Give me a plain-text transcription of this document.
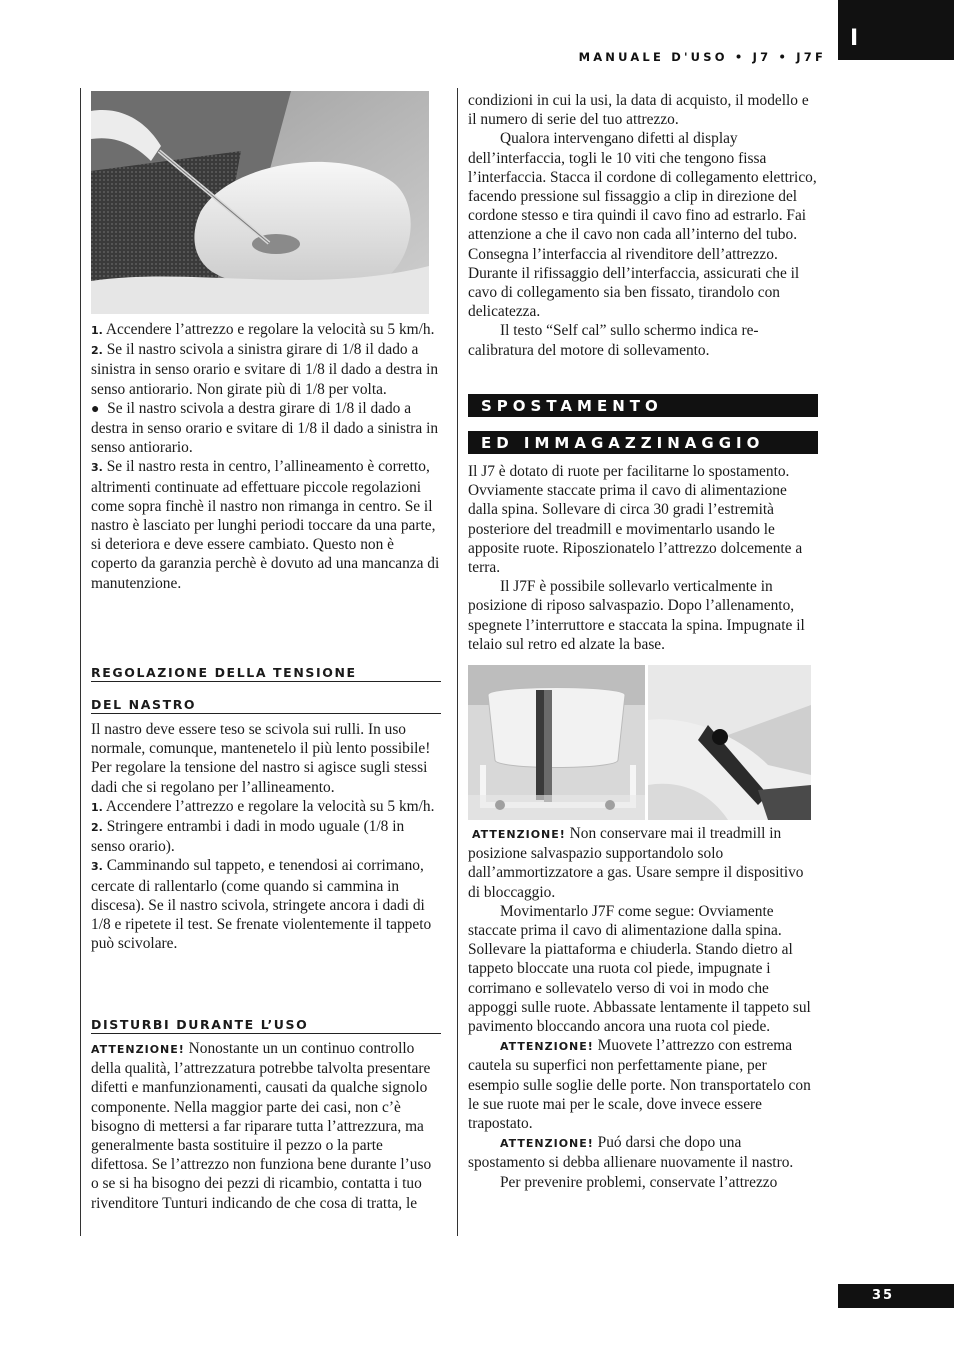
MANUALE D'USO • J7 • J7F
I

1. Accendere l’attrezzo e regolare la velocità su 5 km/h.

2. Se il nastro scivola a sinistra girare di 1/8 il dado a sinistra in senso orario e svitare di 1/8 il dado a destra in senso antiorario. Non girate più di 1/8 per volta.

● Se il nastro scivola a destra girare di 1/8 il dado a destra in senso orario e svitare di 1/8 il dado a sinistra in senso antiorario.

3. Se il nastro resta in centro, l’allineamento è corretto, altrimenti continuate ad effettuare piccole regolazioni come sopra finchè il nastro non rimanga in centro. Se il nastro è lasciato per lunghi periodi toccare da una parte, si deteriora e deve essere cambiato. Questo non è coperto da garanzia perchè è dovuto ad una mancanza di manutenzione.

REGOLAZIONE DELLA TENSIONE
DEL NASTRO

Il nastro deve essere teso se scivola sui rulli. In uso normale, comunque, mantenetelo il più lento possibile! Per regolare la tensione del nastro si agisce sugli stessi dadi che si regolano per l’allineamento.

1. Accendere l’attrezzo e regolare la velocità su 5 km/h.

2. Stringere entrambi i dadi in modo uguale (1/8 in senso orario).

3. Camminando sul tappeto, e tenendosi ai corrimano, cercate di rallentarlo (come quando si cammina in discesa). Se il nastro scivola, stringete ancora i dadi di 1/8 e ripetete il test. Se frenate violentemente il tappeto può scivolare.

DISTURBI DURANTE L’USO

ATTENZIONE! Nonostante un un continuo controllo della qualità, l’attrezzatura potrebbe talvolta presentare difetti e manfunzionamenti, causati da qualche signolo componente. Nella maggior parte dei casi, non c’è bisogno di mettersi a far riparare tutta l’attrezzura, ma generalmente basta sostituire il pezzo o la parte difettosa. Se l’attrezzo non funziona bene durante l’uso o se si ha bisogno dei pezzi di ricambio, contatta i tuo rivenditore Tunturi indicando de che cosa di tratta, le

condizioni in cui la usi, la data di acquisto, il modello e il numero di serie del tuo attrezzo.

Qualora intervengano difetti al display dell’interfaccia, togli le 10 viti che tengono fissa l’interfaccia. Stacca il cordone di collegamento elettrico, facendo pressione sul fissaggio a clip in direzione del cordone stesso e tira quindi il cavo fino ad estrarlo. Fai attenzione a che il cavo non cada all’interno del tubo. Consegna l’interfaccia al rivenditore dell’attrezzo. Durante il rifissaggio dell’interfaccia, assicurati che il cavo di collegamento sia ben fissato, tirandolo con delicatezza.

Il testo “Self cal” sullo schermo indica re-calibratura del motore di sollevamento.

SPOSTAMENTO
ED IMMAGAZZINAGGIO

Il J7 è dotato di ruote per facilitarne lo spostamento. Ovviamente staccate prima il cavo di alimentazione dalla spina. Sollevare di circa 30 gradi l’estremità posteriore del treadmill e movimentarlo usando le apposite ruote. Riposzionatelo l’attrezzo dolcemente a terra.

Il J7F è possibile sollevarlo verticalmente in posizione di riposo salvaspazio. Dopo l’allenamento, spegnete l’interruttore e staccata la spina. Impugnate il telaio sul retro ed alzate la base.

ATTENZIONE! Non conservare mai il treadmill in posizione salvaspazio supportandolo solo dall’ammortizzatore a gas. Usare sempre il dispositivo di bloccaggio.

Movimentarlo J7F come segue: Ovviamente staccate prima il cavo di alimentazione dalla spina. Sollevare la piattaforma e chiuderla. Stando dietro al tappeto bloccate una ruota col piede, impugnate i corrimano e sollevatelo verso di voi in modo che appoggi sulle ruote. Abbassate lentamente il tappeto sul pavimento bloccando ancora una ruota col piede.

ATTENZIONE! Muovete l’attrezzo con estrema cautela su superfici non perfettamente piane, per esempio sulle soglie delle porte. Non transportatelo con le sue ruote mai per le scale, dove invece essere trapostato.

ATTENZIONE! Puó darsi che dopo una spostamento si debba allienare nuovamente il nastro.

Per prevenire problemi, conservate l’attrezzo

35
